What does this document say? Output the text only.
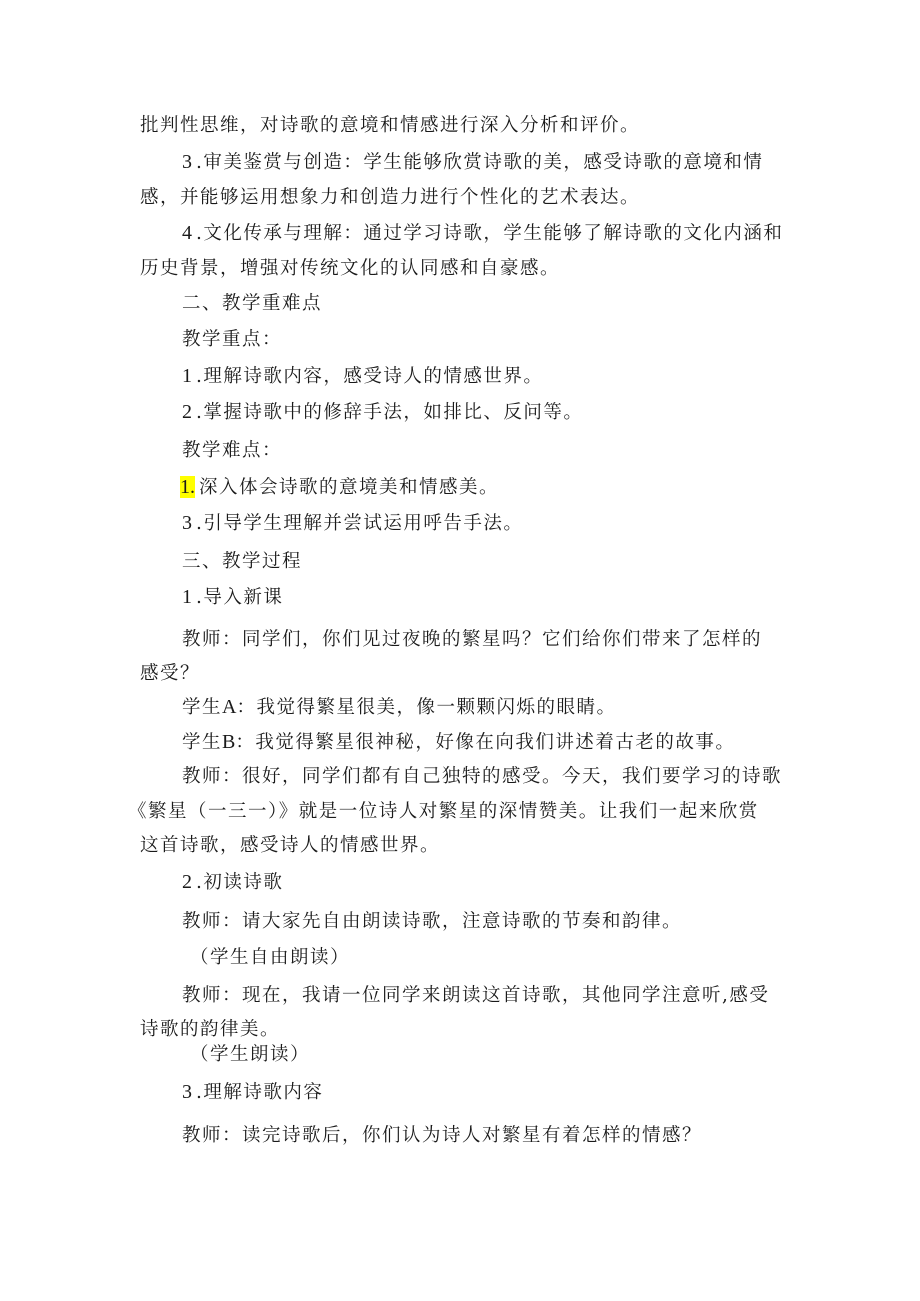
批判性思维，对诗歌的意境和情感进行深入分析和评价。
3 .审美鉴赏与创造：学生能够欣赏诗歌的美，感受诗歌的意境和情
感，并能够运用想象力和创造力进行个性化的艺术表达。
4 .文化传承与理解：通过学习诗歌，学生能够了解诗歌的文化内涵和
历史背景，增强对传统文化的认同感和自豪感。
二、教学重难点
教学重点：
1 .理解诗歌内容，感受诗人的情感世界。
2 .掌握诗歌中的修辞手法，如排比、反问等。
教学难点：
1. 深入体会诗歌的意境美和情感美。
3 .引导学生理解并尝试运用呼告手法。
三、教学过程
1 .导入新课
教师：同学们，你们见过夜晚的繁星吗？它们给你们带来了怎样的
感受？
学生A：我觉得繁星很美，像一颗颗闪烁的眼睛。
学生B：我觉得繁星很神秘，好像在向我们讲述着古老的故事。
教师：很好，同学们都有自己独特的感受。今天，我们要学习的诗歌
《繁星（一三一）》就是一位诗人对繁星的深情赞美。让我们一起来欣赏
这首诗歌，感受诗人的情感世界。
2 .初读诗歌
教师：请大家先自由朗读诗歌，注意诗歌的节奏和韵律。
（学生自由朗读）
教师：现在，我请一位同学来朗读这首诗歌，其他同学注意听,感受
诗歌的韵律美。
（学生朗读）
3 .理解诗歌内容
教师：读完诗歌后，你们认为诗人对繁星有着怎样的情感？
